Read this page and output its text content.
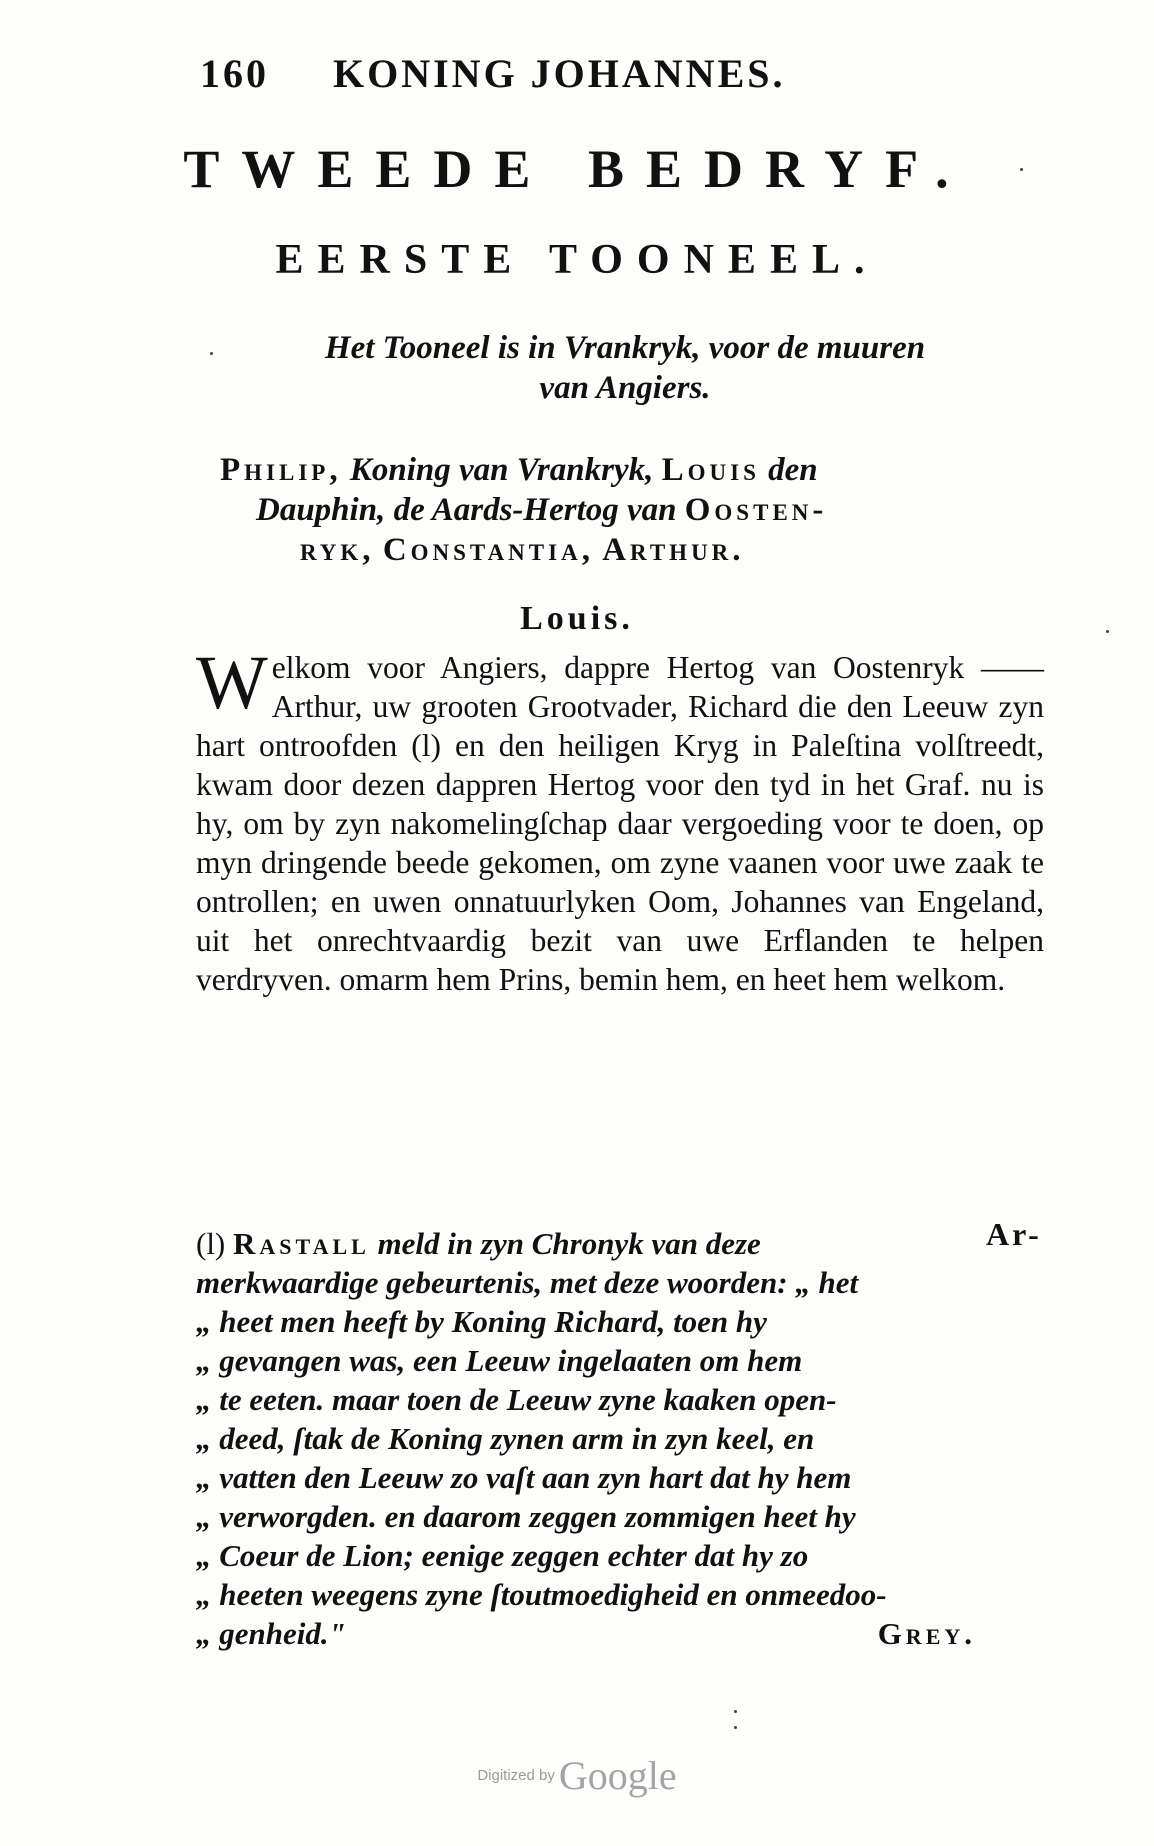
160 KONING JOHANNES.
TWEEDE BEDRYF.
EERSTE TOONEEL.
Het Tooneel is in Vrankryk, voor de muuren
van Angiers.
Philip, Koning van Vrankryk, Louis den
Dauphin, de Aards-Hertog van Oosten-
ryk, Constantia, Arthur.
Louis.
W elkom voor Angiers, dappre Hertog van Oostenryk —— Arthur, uw grooten Grootvader, Richard die den Leeuw zyn hart ontroofden (l) en den heiligen Kryg in Paleſtina volſtreedt, kwam door dezen dappren Hertog voor den tyd in het Graf. nu is hy, om by zyn nakomelingſchap daar vergoeding voor te doen, op myn dringende beede gekomen, om zyne vaanen voor uwe zaak te ontrollen; en uwen onnatuurlyken Oom, Johannes van Engeland, uit het onrechtvaardig bezit van uwe Erflanden te helpen verdryven. omarm hem Prins, bemin hem, en heet hem welkom.

Ar-
(l) Rastall meld in zyn Chronyk van deze
merkwaardige gebeurtenis, met deze woorden: „ het
„ heet men heeft by Koning Richard, toen hy
„ gevangen was, een Leeuw ingelaaten om hem
„ te eeten. maar toen de Leeuw zyne kaaken open-
„ deed, ſtak de Koning zynen arm in zyn keel, en
„ vatten den Leeuw zo vaſt aan zyn hart dat hy hem
„ verworgden. en daarom zeggen zommigen heet hy
„ Coeur de Lion; eenige zeggen echter dat hy zo
„ heeten weegens zyne ſtoutmoedigheid en onmeedoo-
„ genheid."	Grey.
Digitized by Google
